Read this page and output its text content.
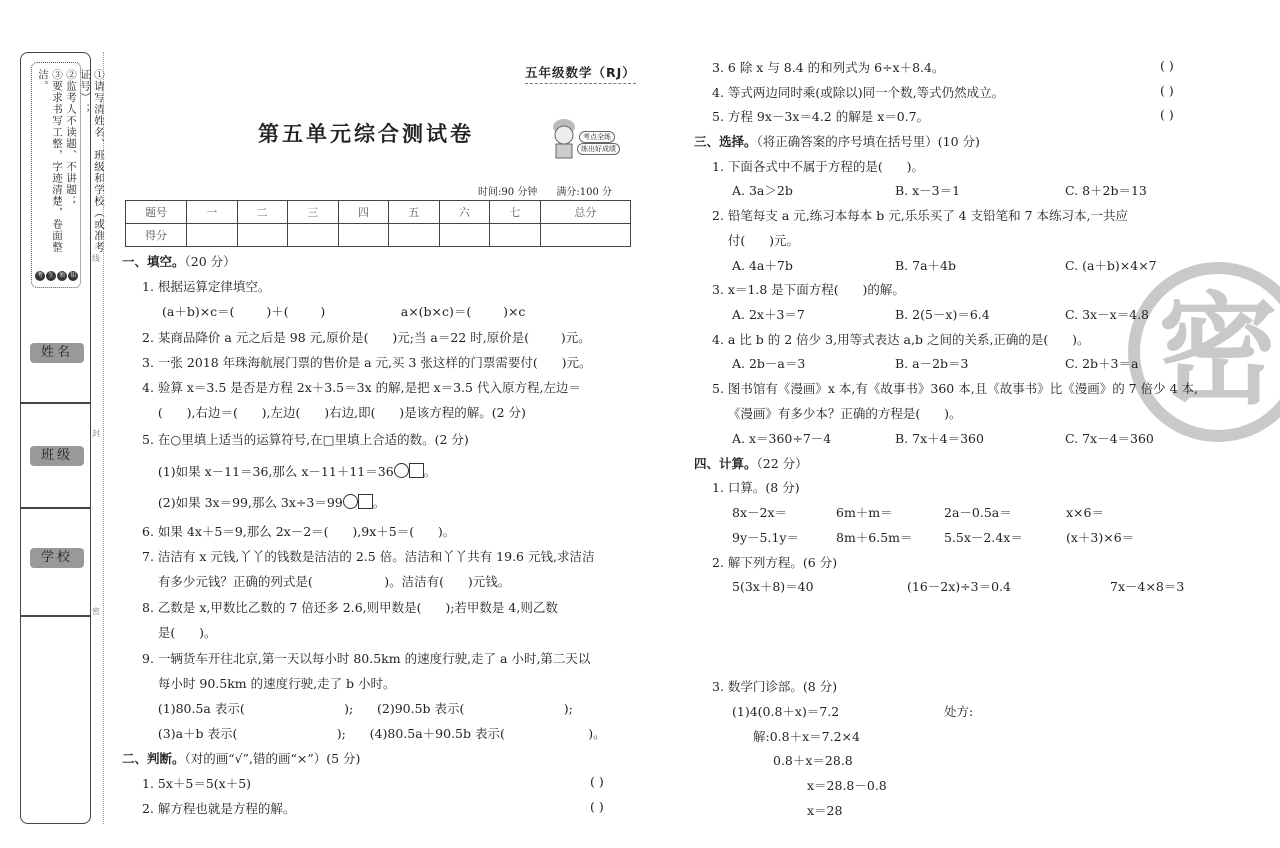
①请写清姓名、班级和学校（或准考证号）；
②监考人不读题、不讲题；
③要求书写工整，字迹清楚，卷面整洁。
考 生 须 知
姓名
班级
学校
线
封
密
五年级数学（RJ）
第五单元综合测试卷	考点全练
练出好成绩
时间:90 分钟 满分:100 分
题号	一	二	三	四	五	六	七	总分
得分								
一、填空。（20 分）
1. 根据运算定律填空。
(a＋b)×c＝(        )＋(        )                   a×(b×c)＝(        )×c
2. 某商品降价 a 元之后是 98 元,原价是(      )元;当 a＝22 时,原价是(        )元。
3. 一张 2018 年珠海航展门票的售价是 a 元,买 3 张这样的门票需要付(      )元。
4. 验算 x＝3.5 是否是方程 2x＋3.5＝3x 的解,是把 x＝3.5 代入原方程,左边＝
(      ),右边＝(      ),左边(      )右边,即(      )是该方程的解。(2 分)
5. 在○里填上适当的运算符号,在□里填上合适的数。(2 分)
(1)如果 x－11＝36,那么 x－11＋11＝36 。
(2)如果 3x＝99,那么 3x÷3＝99 。
6. 如果 4x＋5＝9,那么 2x－2＝(      ),9x＋5＝(      )。
7. 洁洁有 x 元钱,丫丫的钱数是洁洁的 2.5 倍。洁洁和丫丫共有 19.6 元钱,求洁洁
有多少元钱？正确的列式是(                  )。洁洁有(      )元钱。
8. 乙数是 x,甲数比乙数的 7 倍还多 2.6,则甲数是(      );若甲数是 4,则乙数
是(      )。
9. 一辆货车开往北京,第一天以每小时 80.5km 的速度行驶,走了 a 小时,第二天以
每小时 90.5km 的速度行驶,走了 b 小时。
(1)80.5a 表示(                         );      (2)90.5b 表示(                         );
(3)a＋b 表示(                         );      (4)80.5a＋90.5b 表示(                     )。
二、判断。（对的画“√”,错的画“×”）(5 分)
1. 5x＋5＝5(x＋5)	( )
2. 解方程也就是方程的解。	( )
3. 6 除 x 与 8.4 的和列式为 6÷x＋8.4。	( )
4. 等式两边同时乘(或除以)同一个数,等式仍然成立。	( )
5. 方程 9x－3x＝4.2 的解是 x＝0.7。	( )
密
三、选择。（将正确答案的序号填在括号里）(10 分)
1. 下面各式中不属于方程的是(      )。
A. 3a＞2b	B. x－3＝1	C. 8＋2b＝13
2. 铅笔每支 a 元,练习本每本 b 元,乐乐买了 4 支铅笔和 7 本练习本,一共应
付(      )元。
A. 4a＋7b	B. 7a＋4b	C. (a＋b)×4×7
3. x＝1.8 是下面方程(      )的解。
A. 2x＋3＝7	B. 2(5－x)＝6.4	C. 3x－x＝4.8
4. a 比 b 的 2 倍少 3,用等式表达 a,b 之间的关系,正确的是(      )。
A. 2b－a＝3	B. a－2b＝3	C. 2b＋3＝a
5. 图书馆有《漫画》x 本,有《故事书》360 本,且《故事书》比《漫画》的 7 倍少 4 本,
《漫画》有多少本？正确的方程是(      )。
A. x＝360÷7－4	B. 7x＋4＝360	C. 7x－4＝360
四、计算。（22 分）
1. 口算。(8 分)
8x－2x＝	6m＋m＝	2a－0.5a＝	x×6＝
9y－5.1y＝	8m＋6.5m＝	5.5x－2.4x＝	(x＋3)×6＝
2. 解下列方程。(6 分)
5(3x＋8)＝40	(16－2x)÷3＝0.4	7x－4×8＝3
3. 数学门诊部。(8 分)
(1)4(0.8＋x)＝7.2	处方:
解:0.8＋x＝7.2×4
0.8＋x＝28.8
x＝28.8－0.8
x＝28
